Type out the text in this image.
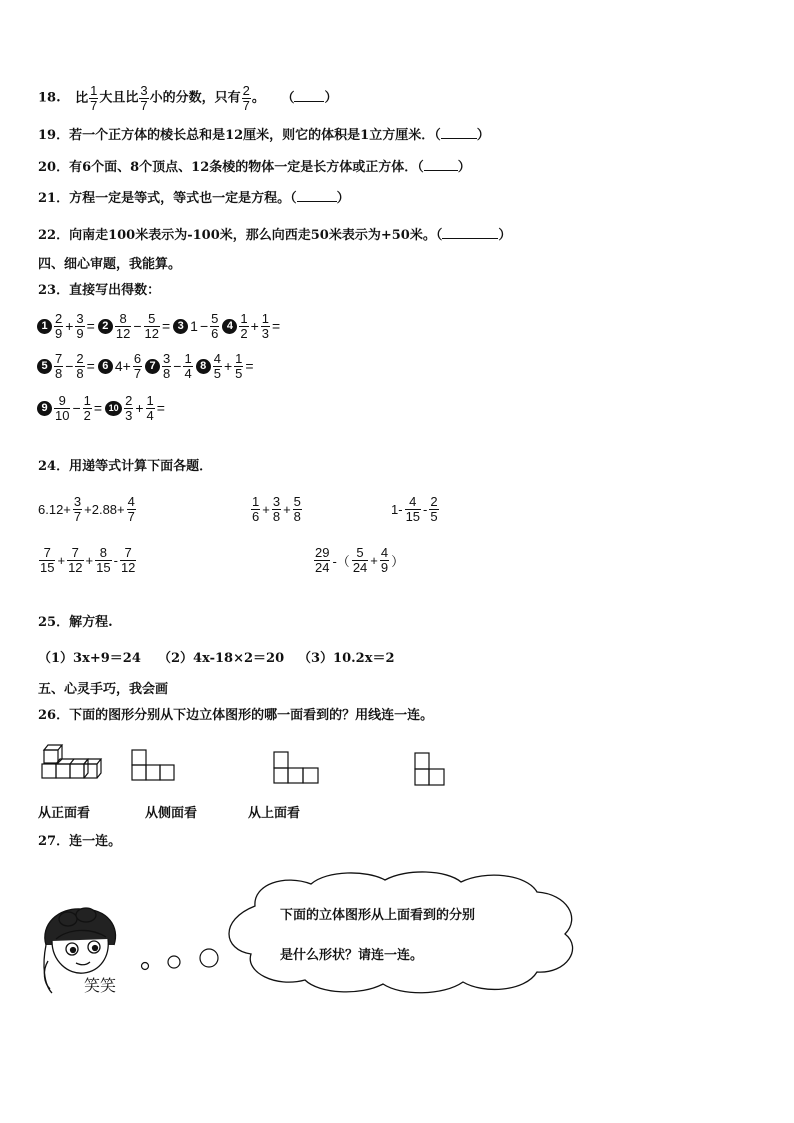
18. 比 $\frac{1}{7}$ 大且比 $\frac{3}{7}$ 小的分数，只有 $\frac{2}{7}$ 。 （ ）
19．若一个正方体的棱长总和是12厘米，则它的体积是1立方厘米．（	）
20．有6个面、8个顶点、12条棱的物体一定是长方体或正方体．（	）
21．方程一定是等式，等式也一定是方程。（	）
22．向南走100米表示为-100米，那么向西走50米表示为+50米。（	）
四、细心审题，我能算。
23．直接写出得数：
$1 \frac{2}{9} + \frac{3}{9} = 2 \frac{8}{12} - \frac{5}{12} = 3$ $1 - \frac{5}{6} 4 \frac{1}{2} + \frac{1}{3}$ =
$5 \frac{7}{8} - \frac{2}{8} = 6$ $4+ \frac{6}{7} 7 \frac{3}{8} - \frac{1}{4} 8 \frac{4}{5} + \frac{1}{5}$ =
$9 \frac{9}{10} - \frac{1}{2} = 10 \frac{2}{3} + \frac{1}{4}$ =
24．用递等式计算下面各题．
$6.12+ \frac{3}{7} +2.88+ \frac{4}{7}$	$\frac{1}{6} + \frac{3}{8} + \frac{5}{8}$	$1- \frac{4}{15} - \frac{2}{5}$
$\frac{7}{15} + \frac{7}{12} + \frac{8}{15} - \frac{7}{12}$	$\frac{29}{24}$ -（ $\frac{5}{24} + \frac{4}{9}$ ）
25．解方程.
（1）3x+9＝24 （2）4x-18×2＝20 （3）10.2x＝2
五、心灵手巧，我会画
26．下面的图形分别从下边立体图形的哪一面看到的？用线连一连。
从正面看	从侧面看	从上面看
27．连一连。
笑笑
下面的立体图形从上面看到的分别
是什么形状？请连一连。
